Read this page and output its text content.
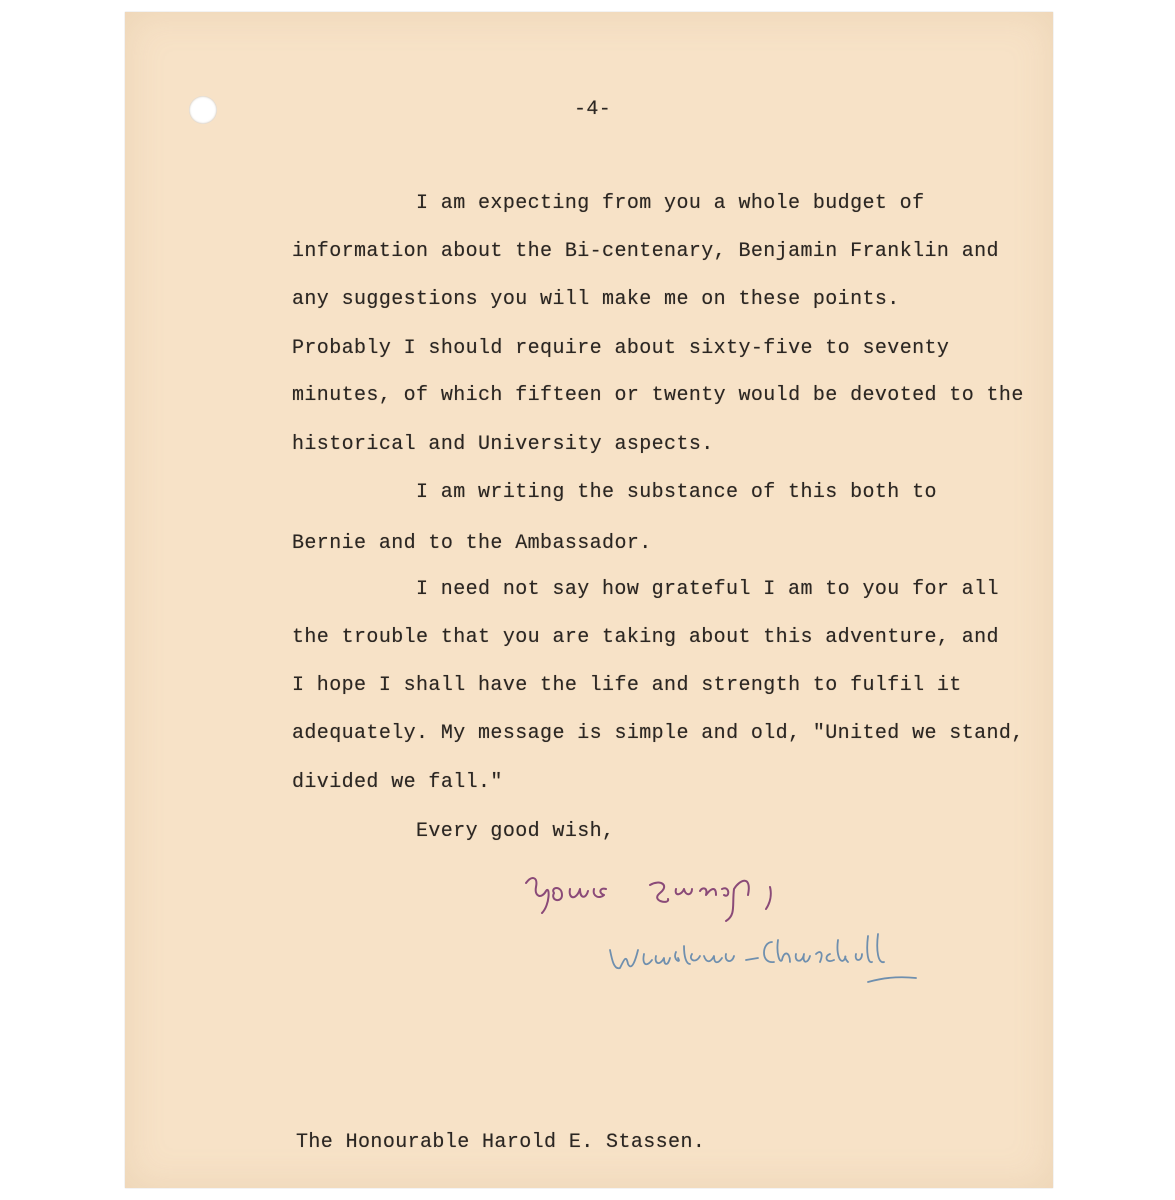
-4-

I am expecting from you a whole budget of

information about the Bi-centenary, Benjamin Franklin and

any suggestions you will make me on these points.

Probably I should require about sixty-five to seventy

minutes, of which fifteen or twenty would be devoted to the

historical and University aspects.

I am writing the substance of this both to

Bernie and to the Ambassador.

I need not say how grateful I am to you for all

the trouble that you are taking about this adventure, and

I hope I shall have the life and strength to fulfil it

adequately. My message is simple and old, "United we stand,

divided we fall."

Every good wish,

The Honourable Harold E. Stassen.
